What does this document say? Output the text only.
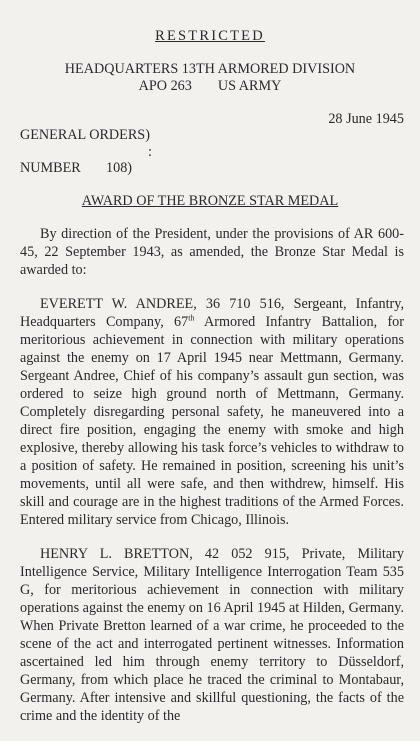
RESTRICTED
HEADQUARTERS 13TH ARMORED DIVISION
APO 263 US ARMY
28 June 1945
GENERAL ORDERS)
:
NUMBER 108)
AWARD OF THE BRONZE STAR MEDAL

By direction of the President, under the provisions of AR 600-45, 22 September 1943, as amended, the Bronze Star Medal is awarded to:

EVERETT W. ANDREE, 36 710 516, Sergeant, Infantry, Headquarters Company, 67th Armored Infantry Battalion, for meritorious achievement in connection with military operations against the enemy on 17 April 1945 near Mettmann, Germany. Sergeant Andree, Chief of his company’s assault gun section, was ordered to seize high ground north of Mettmann, Germany. Completely disregarding personal safety, he maneuvered into a direct fire position, engaging the enemy with smoke and high explosive, thereby allowing his task force’s vehicles to withdraw to a position of safety. He remained in position, screening his unit’s movements, until all were safe, and then withdrew, himself. His skill and courage are in the highest traditions of the Armed Forces. Entered military service from Chicago, Illinois.

HENRY L. BRETTON, 42 052 915, Private, Military Intelligence Service, Military Intelligence Interrogation Team 535 G, for meritorious achievement in connection with military operations against the enemy on 16 April 1945 at Hilden, Germany. When Private Bretton learned of a war crime, he proceeded to the scene of the act and interrogated pertinent witnesses. Information ascertained led him through enemy territory to Düsseldorf, Germany, from which place he traced the criminal to Montabaur, Germany. After intensive and skillful questioning, the facts of the crime and the identity of the
